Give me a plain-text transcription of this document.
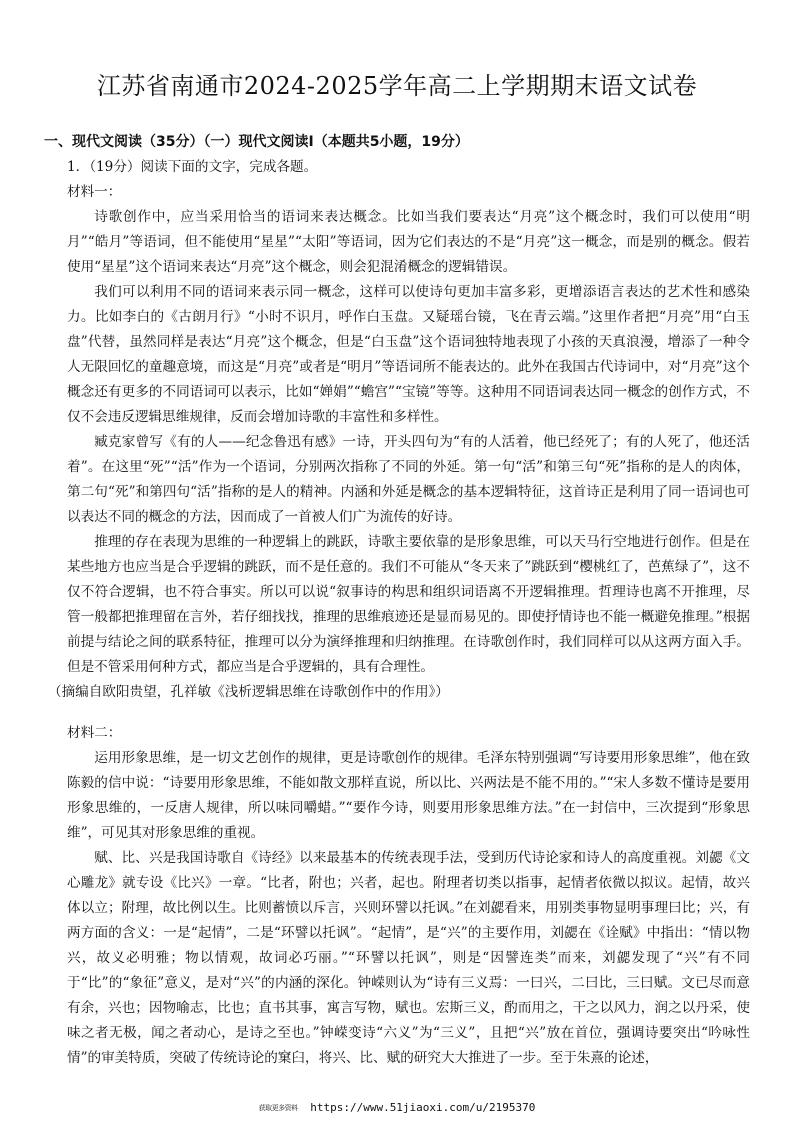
江苏省南通市2024-2025学年高二上学期期末语文试卷

一、现代文阅读（35分）（一）现代文阅读Ⅰ（本题共5小题，19分）

1．（19分）阅读下面的文字，完成各题。

材料一：

诗歌创作中，应当采用恰当的语词来表达概念。比如当我们要表达“月亮”这个概念时，我们可以使用“明月”“皓月”等语词，但不能使用“星星”“太阳”等语词，因为它们表达的不是“月亮”这一概念，而是别的概念。假若使用“星星”这个语词来表达“月亮”这个概念，则会犯混淆概念的逻辑错误。

我们可以利用不同的语词来表示同一概念，这样可以使诗句更加丰富多彩，更增添语言表达的艺术性和感染力。比如李白的《古朗月行》“小时不识月，呼作白玉盘。又疑瑶台镜，飞在青云端。”这里作者把“月亮”用“白玉盘”代替，虽然同样是表达“月亮”这个概念，但是“白玉盘”这个语词独特地表现了小孩的天真浪漫，增添了一种令人无限回忆的童趣意境，而这是“月亮”或者是“明月”等语词所不能表达的。此外在我国古代诗词中，对“月亮”这个概念还有更多的不同语词可以表示，比如“婵娟”“蟾宫”“宝镜”等等。这种用不同语词表达同一概念的创作方式，不仅不会违反逻辑思维规律，反而会增加诗歌的丰富性和多样性。

臧克家曾写《有的人——纪念鲁迅有感》一诗，开头四句为“有的人活着，他已经死了；有的人死了，他还活着”。在这里“死”“活”作为一个语词，分别两次指称了不同的外延。第一句“活”和第三句“死”指称的是人的肉体，第二句“死”和第四句“活”指称的是人的精神。内涵和外延是概念的基本逻辑特征，这首诗正是利用了同一语词也可以表达不同的概念的方法，因而成了一首被人们广为流传的好诗。

推理的存在表现为思维的一种逻辑上的跳跃，诗歌主要依靠的是形象思维，可以天马行空地进行创作。但是在某些地方也应当是合乎逻辑的跳跃，而不是任意的。我们不可能从“冬天来了”跳跃到“樱桃红了，芭蕉绿了”，这不仅不符合逻辑，也不符合事实。所以可以说“叙事诗的构思和组织词语离不开逻辑推理。哲理诗也离不开推理，尽管一般都把推理留在言外，若仔细找找，推理的思维痕迹还是显而易见的。即使抒情诗也不能一概避免推理。”根据前提与结论之间的联系特征，推理可以分为演绎推理和归纳推理。在诗歌创作时，我们同样可以从这两方面入手。但是不管采用何种方式，都应当是合乎逻辑的，具有合理性。

（摘编自欧阳贵望，孔祥敏《浅析逻辑思维在诗歌创作中的作用》）

材料二：

运用形象思维，是一切文艺创作的规律，更是诗歌创作的规律。毛泽东特别强调“写诗要用形象思维”，他在致陈毅的信中说：“诗要用形象思维，不能如散文那样直说，所以比、兴两法是不能不用的。”“宋人多数不懂诗是要用形象思维的，一反唐人规律，所以味同嚼蜡。”“要作今诗，则要用形象思维方法。”在一封信中，三次提到“形象思维”，可见其对形象思维的重视。

赋、比、兴是我国诗歌自《诗经》以来最基本的传统表现手法，受到历代诗论家和诗人的高度重视。刘勰《文心雕龙》就专设《比兴》一章。“比者，附也；兴者，起也。附理者切类以指事，起情者依微以拟议。起情，故兴体以立；附理，故比例以生。比则蓄愤以斥言，兴则环譬以托讽。”在刘勰看来，用别类事物显明事理曰比；兴，有两方面的含义：一是“起情”，二是“环譬以托讽”。“起情”，是“兴”的主要作用，刘勰在《诠赋》中指出：“情以物兴，故义必明雅；物以情观，故词必巧丽。”“环譬以托讽”，则是“因譬连类”而来，刘勰发现了“兴”有不同于“比”的“象征”意义，是对“兴”的内涵的深化。钟嵘则认为“诗有三义焉：一曰兴，二曰比，三曰赋。文已尽而意有余，兴也；因物喻志，比也；直书其事，寓言写物，赋也。宏斯三义，酌而用之，干之以风力，润之以丹采，使味之者无极，闻之者动心，是诗之至也。”钟嵘变诗“六义”为“三义”，且把“兴”放在首位，强调诗要突出“吟咏性情”的审美特质，突破了传统诗论的窠臼，将兴、比、赋的研究大大推进了一步。至于朱熹的论述，

获取更多资料 https://www.51jiaoxi.com/u/2195370
